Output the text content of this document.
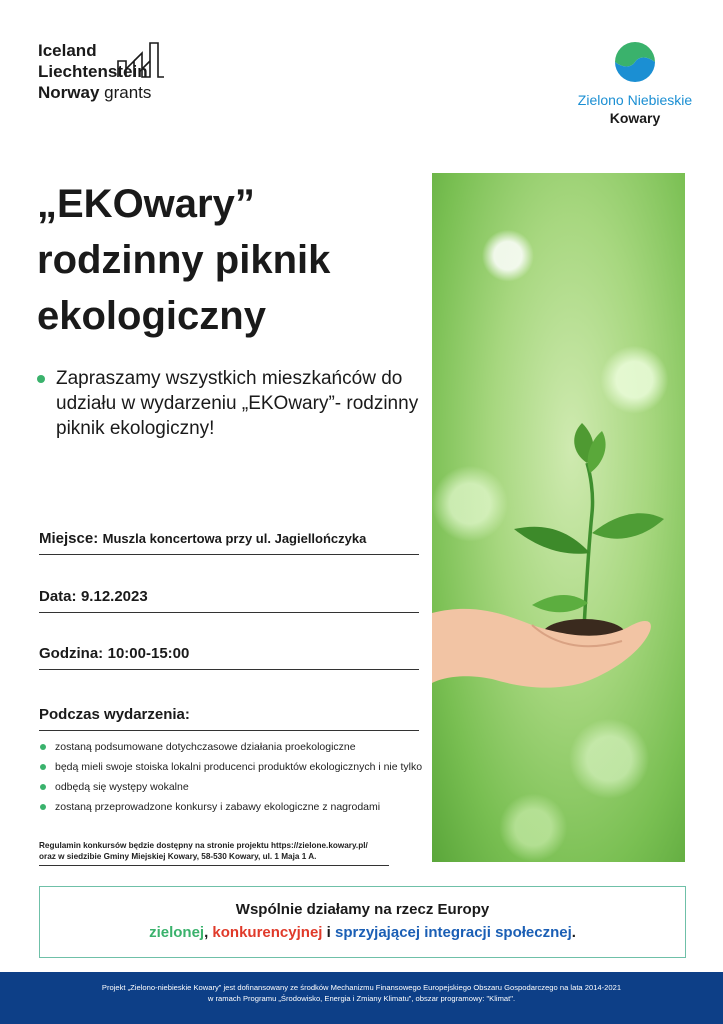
Iceland
Liechtenstein
Norway grants	Zielono Niebieskie
Kowary
„EKOwary”
rodzinny piknik
ekologiczny

Zapraszamy wszystkich mieszkańców do udziału w wydarzeniu „EKOwary”- rodzinny piknik ekologiczny!

Miejsce: Muszla koncertowa przy ul. Jagiellończyka
Data: 9.12.2023
Godzina: 10:00-15:00
Podczas wydarzenia:
zostaną podsumowane dotychczasowe działania proekologiczne
będą mieli swoje stoiska lokalni producenci produktów ekologicznych i nie tylko
odbędą się występy wokalne
zostaną przeprowadzone konkursy i zabawy ekologiczne z nagrodami
Regulamin konkursów będzie dostępny na stronie projektu https://zielone.kowary.pl/
oraz w siedzibie Gminy Miejskiej Kowary, 58-530 Kowary, ul. 1 Maja 1 A.
Wspólnie działamy na rzecz Europy
zielonej, konkurencyjnej i sprzyjającej integracji społecznej.
Projekt „Zielono-niebieskie Kowary” jest dofinansowany ze środków Mechanizmu Finansowego Europejskiego Obszaru Gospodarczego na lata 2014-2021
w ramach Programu „Środowisko, Energia i Zmiany Klimatu”, obszar programowy: "Klimat".
